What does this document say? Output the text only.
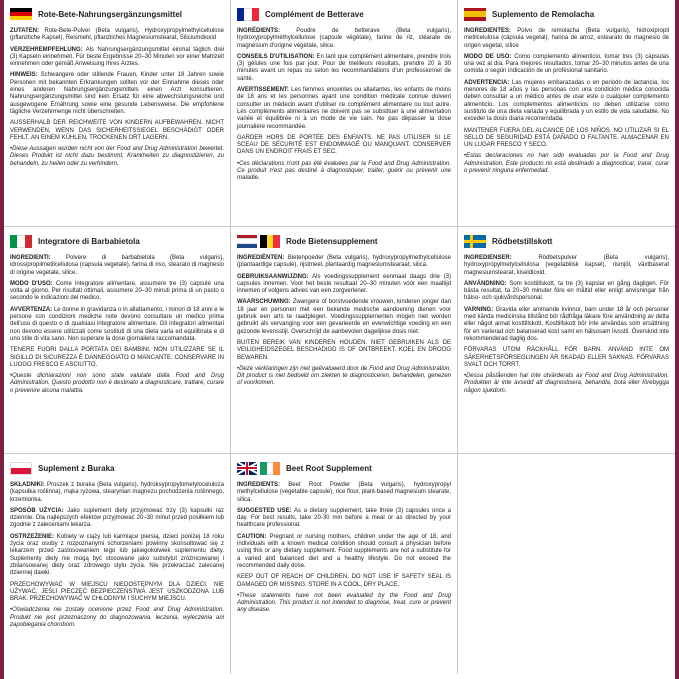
Rote-Bete-Nahrungsergänzungsmittel

ZUTATEN: Rote-Bete-Pulver (Beta vulgaris), Hydroxypropylmethylcellulose (pflanzliche Kapsel), Reismehl, pflanzliches Magnesiumstearat, Siliciumdioxid

VERZEHREMPFEHLUNG: Als Nahrungsergänzungsmittel einmal täglich drei (3) Kapseln einnehmen. Für beste Ergebnisse 20–30 Minuten vor einer Mahlzeit einnehmen oder gemäß Anweisung Ihres Arztes.

HINWEIS: Schwangere oder stillende Frauen, Kinder unter 18 Jahren sowie Personen mit bekannten Erkrankungen sollten vor der Einnahme dieses oder eines anderen Nahrungsergänzungsmittels einen Arzt konsultieren. Nahrungsergänzungsmittel sind kein Ersatz für eine abwechslungsreiche und ausgewogene Ernährung sowie eine gesunde Lebensweise. Die empfohlene tägliche Verzehrmenge nicht überschreiten.

AUSSERHALB DER REICHWEITE VON KINDERN AUFBEWAHREN. NICHT VERWENDEN, WENN DAS SICHERHEITSSIEGEL BESCHÄDIGT ODER FEHLT. AN EINEM KÜHLEN, TROCKENEN ORT LAGERN.

•Diese Aussagen wurden nicht von der Food and Drug Administration bewertet. Dieses Produkt ist nicht dazu bestimmt, Krankheiten zu diagnostizieren, zu behandeln, zu heilen oder zu verhindern.

Complément de Betterave

INGRÉDIENTS:	Poudre de betterave (Beta vulgaris), hydroxypropylméthylcellulose (capsule végétale), farine de riz, stéarate de magnésium d'origine végétale, silice.

CONSEILS D'UTILISATION: En tant que complément alimentaire, prendre trois (3) gélules une fois par jour. Pour de meilleurs résultats, prendre 20 à 30 minutes avant un repas ou selon les recommandations d'un professionnel de santé.

AVERTISSEMENT: Les femmes enceintes ou allaitantes, les enfants de moins de 18 ans et les personnes ayant une condition médicale connue doivent consulter un médecin avant d'utiliser ce complément alimentaire ou tout autre. Les compléments alimentaires ne doivent pas se substituer à une alimentation variée et équilibrée ni à un mode de vie sain. Ne pas dépasser la dose journalière recommandée.

GARDER HORS DE PORTÉE DES ENFANTS. NE PAS UTILISER SI LE SCEAU DE SÉCURITÉ EST ENDOMMAGÉ OU MANQUANT. CONSERVER DANS UN ENDROIT FRAIS ET SEC.

•Ces déclarations n'ont pas été évaluées par la Food and Drug Administration. Ce produit n'est pas destiné à diagnostiquer, traiter, guérir ou prévenir une maladie.

Suplemento de Remolacha

INGREDIENTES: Polvo de remolacha (Beta vulgaris), hidroxipropil metilcelulosa (cápsula vegetal), harina de arroz, estearato de magnesio de origen vegetal, sílice

MODO DE USO: Como complemento alimenticio, tomar tres (3) cápsulas una vez al día. Para mejores resultados, tomar 20–30 minutos antes de una comida o según indicación de un profesional sanitario.

ADVERTENCIA: Las mujeres embarazadas o en periodo de lactancia, los menores de 18 años y las personas con una condición médica conocida deben consultar a un médico antes de usar este o cualquier complemento alimenticio. Los complementos alimenticios no deben utilizarse como sustituto de una dieta variada y equilibrada y un estilo de vida saludable. No exceder la dosis diaria recomendada.

MANTENER FUERA DEL ALCANCE DE LOS NIÑOS. NO UTILIZAR SI EL SELLO DE SEGURIDAD ESTÁ DAÑADO O FALTANTE. ALMACENAR EN UN LUGAR FRESCO Y SECO.

•Estas declaraciones no han sido evaluadas por la Food and Drug Administration. Este producto no está destinado a diagnosticar, tratar, curar o prevenir ninguna enfermedad.

Integratore di Barbabietola

INGREDIENTI:	Polvere di barbabietola (Beta vulgaris), idrossipropilmetilcellulosa (capsula vegetale), farina di riso, stearato di magnesio di origine vegetale, silice.

MODO D'USO: Come integratore alimentare, assumere tre (3) capsule una volta al giorno. Per risultati ottimali, assumere 20–30 minuti prima di un pasto o secondo le indicazioni del medico.

AVVERTENZA: Le donne in gravidanza o in allattamento, i minori di 18 anni e le persone con condizioni mediche note devono consultare un medico prima dell'uso di questo o di qualsiasi integratore alimentare. Gli integratori alimentari non devono essere utilizzati come sostituti di una dieta varia ed equilibrata e di uno stile di vita sano. Non superare la dose giornaliera raccomandata.

TENERE FUORI DALLA PORTATA DEI BAMBINI. NON UTILIZZARE SE IL SIGILLO DI SICUREZZA È DANNEGGIATO O MANCANTE. CONSERVARE IN LUOGO FRESCO E ASCIUTTO.

•Queste dichiarazioni non sono state valutate dalla Food and Drug Administration. Questo prodotto non è destinato a diagnosticare, trattare, curare o prevenire alcuna malattia.

Rode Bietensupplement

INGREDIËNTEN: Bietenpoeder (Beta vulgaris), hydroxypropylmethylcellulose (plantaardige capsule), rijstmeel, plantaardig magnesiumstearaat, silica.

GEBRUIKSAANWIJZING: Als voedingssupplement eenmaal daags drie (3) capsules innemen. Voor het beste resultaat 20–30 minuten vóór een maaltijd innemen of volgens advies van een zorgverlener.

WAARSCHUWING: Zwangere of borstvoedende vrouwen, kinderen jonger dan 18 jaar en personen met een bekende medische aandoening dienen voor gebruik een arts te raadplegen. Voedingssupplementen mogen niet worden gebruikt als vervanging voor een gevarieerde en evenwichtige voeding en een gezonde levensstijl. Overschrijd de aanbevolen dagelijkse dosis niet.

BUITEN BEREIK VAN KINDEREN HOUDEN. NIET GEBRUIKEN ALS DE VEILIGHEIDSZEGEL BESCHADIGD IS OF ONTBREEKT. KOEL EN DROOG BEWAREN.

•Deze verklaringen zijn niet geëvalueerd door de Food and Drug Administration. Dit product is niet bedoeld om ziekten te diagnosticeren, behandelen, genezen of voorkomen.

Rödbetstillskott

INGREDIENSER:	Rödbetspulver (Beta vulgaris), hydroxypropylmetylcellulosa (vegetabilisk kapsel), rismjöl, växtbaserat magnesiumstearat, kiseldioxid.

ANVÄNDNING: Som kosttillskott, ta tre (3) kapslar en gång dagligen. För bästa resultat, ta 20–30 minuter före en måltid eller enligt anvisningar från hälso- och sjukvårdspersonal.

VARNING: Gravida eller ammande kvinnor, barn under 18 år och personer med kända medicinska tillstånd bör rådfråga läkare före användning av detta eller något annat kosttillskott. Kosttillskott bör inte användas som ersättning för en varierad och balanserad kost samt en hälsosam livsstil. Överskrid inte rekommenderad daglig dos.

FÖRVARAS UTOM RÄCKHÅLL FÖR BARN. ANVÄND INTE OM SÄKERHETSFÖRSEGLINGEN ÄR SKADAD ELLER SAKNAS. FÖRVARAS SVALT OCH TORRT.

•Dessa påståenden har inte utvärderats av Food and Drug Administration. Produkten är inte avsedd att diagnostisera, behandla, bota eller förebygga någon sjukdom.

Suplement z Buraka

SKŁADNIKI: Proszek z buraka (Beta vulgaris), hydroksypropylometyloceluloza (kapsułka roślinna), mąka ryżowa, stearynian magnezu pochodzenia roślinnego, krzemionka.

SPOSÓB UŻYCIA: Jako suplement diety przyjmować trzy (3) kapsułki raz dziennie. Dla najlepszych efektów przyjmować 20–30 minut przed posiłkiem lub zgodnie z zaleceniami lekarza.

OSTRZEŻENIE: Kobiety w ciąży lub karmiące piersią, dzieci poniżej 18 roku życia oraz osoby z rozpoznanymi schorzeniami powinny skonsultować się z lekarzem przed zastosowaniem tego lub jakiegokolwiek suplementu diety. Suplementy diety nie mogą być stosowane jako substytut zróżnicowanej i zbilansowanej diety oraz zdrowego stylu życia. Nie przekraczać zalecanej dziennej dawki.

PRZECHOWYWAĆ W MIEJSCU NIEDOSTĘPNYM DLA DZIECI. NIE UŻYWAĆ, JEŚLI PIECZĘĆ BEZPIECZEŃSTWA JEST USZKODZONA LUB BRAK. PRZECHOWYWAĆ W CHŁODNYM I SUCHYM MIEJSCU.

•Oświadczenia nie zostały ocenione przez Food and Drug Administration. Produkt nie jest przeznaczony do diagnozowania, leczenia, wyleczenia ani zapobiegania chorobom.

Beet Root Supplement

INGREDIENTS: Beet Root Powder (Beta vulgaris), hydroxypropyl methylcellulose (vegetable capsule), rice flour, plant-based magnesium stearate, silica.

SUGGESTED USE: As a dietary supplement, take three (3) capsules once a day. For best results, take 20-30 min before a meal or as directed by your healthcare professional.

CAUTION: Pregnant or nursing mothers, children under the age of 18, and individuals with a known medical condition should consult a physician before using this or any dietary supplement. Food supplements are not a substitute for a varied and balanced diet and a healthy lifestyle. Do not exceed the recommended daily dose.

KEEP OUT OF REACH OF CHILDREN. DO NOT USE IF SAFETY SEAL IS DAMAGED OR MISSING. STORE IN A COOL, DRY PLACE.

•These statements have not been evaluated by the Food and Drug Administration. This product is not intended to diagnose, treat, cure or prevent any disease.
